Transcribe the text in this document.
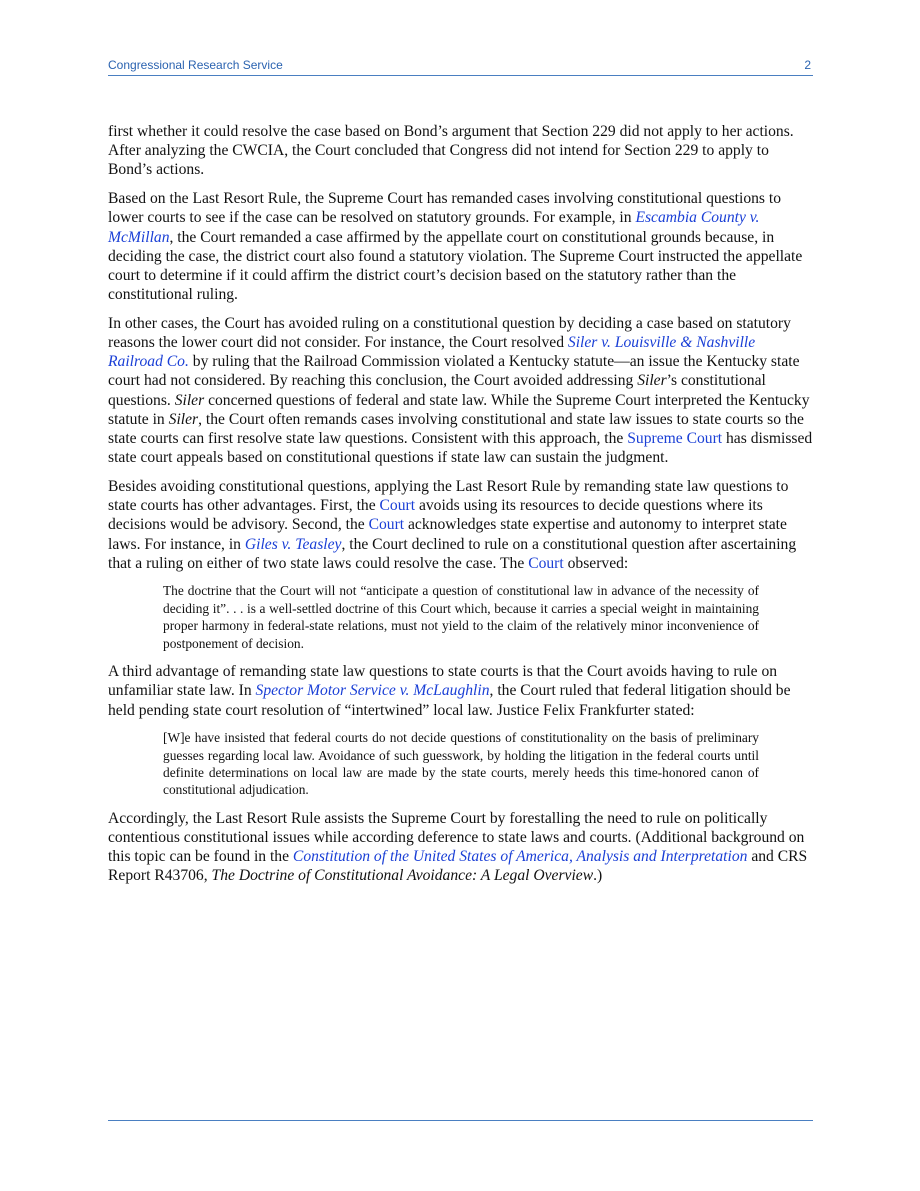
Congressional Research Service	2

first whether it could resolve the case based on Bond’s argument that Section 229 did not apply to her actions. After analyzing the CWCIA, the Court concluded that Congress did not intend for Section 229 to apply to Bond’s actions.

Based on the Last Resort Rule, the Supreme Court has remanded cases involving constitutional questions to lower courts to see if the case can be resolved on statutory grounds. For example, in Escambia County v. McMillan, the Court remanded a case affirmed by the appellate court on constitutional grounds because, in deciding the case, the district court also found a statutory violation. The Supreme Court instructed the appellate court to determine if it could affirm the district court’s decision based on the statutory rather than the constitutional ruling.

In other cases, the Court has avoided ruling on a constitutional question by deciding a case based on statutory reasons the lower court did not consider. For instance, the Court resolved Siler v. Louisville & Nashville Railroad Co. by ruling that the Railroad Commission violated a Kentucky statute—an issue the Kentucky state court had not considered. By reaching this conclusion, the Court avoided addressing Siler’s constitutional questions. Siler concerned questions of federal and state law. While the Supreme Court interpreted the Kentucky statute in Siler, the Court often remands cases involving constitutional and state law issues to state courts so the state courts can first resolve state law questions. Consistent with this approach, the Supreme Court has dismissed state court appeals based on constitutional questions if state law can sustain the judgment.

Besides avoiding constitutional questions, applying the Last Resort Rule by remanding state law questions to state courts has other advantages. First, the Court avoids using its resources to decide questions where its decisions would be advisory. Second, the Court acknowledges state expertise and autonomy to interpret state laws. For instance, in Giles v. Teasley, the Court declined to rule on a constitutional question after ascertaining that a ruling on either of two state laws could resolve the case. The Court observed:

The doctrine that the Court will not “anticipate a question of constitutional law in advance of the necessity of deciding it”. . . is a well-settled doctrine of this Court which, because it carries a special weight in maintaining proper harmony in federal-state relations, must not yield to the claim of the relatively minor inconvenience of postponement of decision.

A third advantage of remanding state law questions to state courts is that the Court avoids having to rule on unfamiliar state law. In Spector Motor Service v. McLaughlin, the Court ruled that federal litigation should be held pending state court resolution of “intertwined” local law. Justice Felix Frankfurter stated:

[W]e have insisted that federal courts do not decide questions of constitutionality on the basis of preliminary guesses regarding local law. Avoidance of such guesswork, by holding the litigation in the federal courts until definite determinations on local law are made by the state courts, merely heeds this time-honored canon of constitutional adjudication.

Accordingly, the Last Resort Rule assists the Supreme Court by forestalling the need to rule on politically contentious constitutional issues while according deference to state laws and courts. (Additional background on this topic can be found in the Constitution of the United States of America, Analysis and Interpretation and CRS Report R43706, The Doctrine of Constitutional Avoidance: A Legal Overview.)
